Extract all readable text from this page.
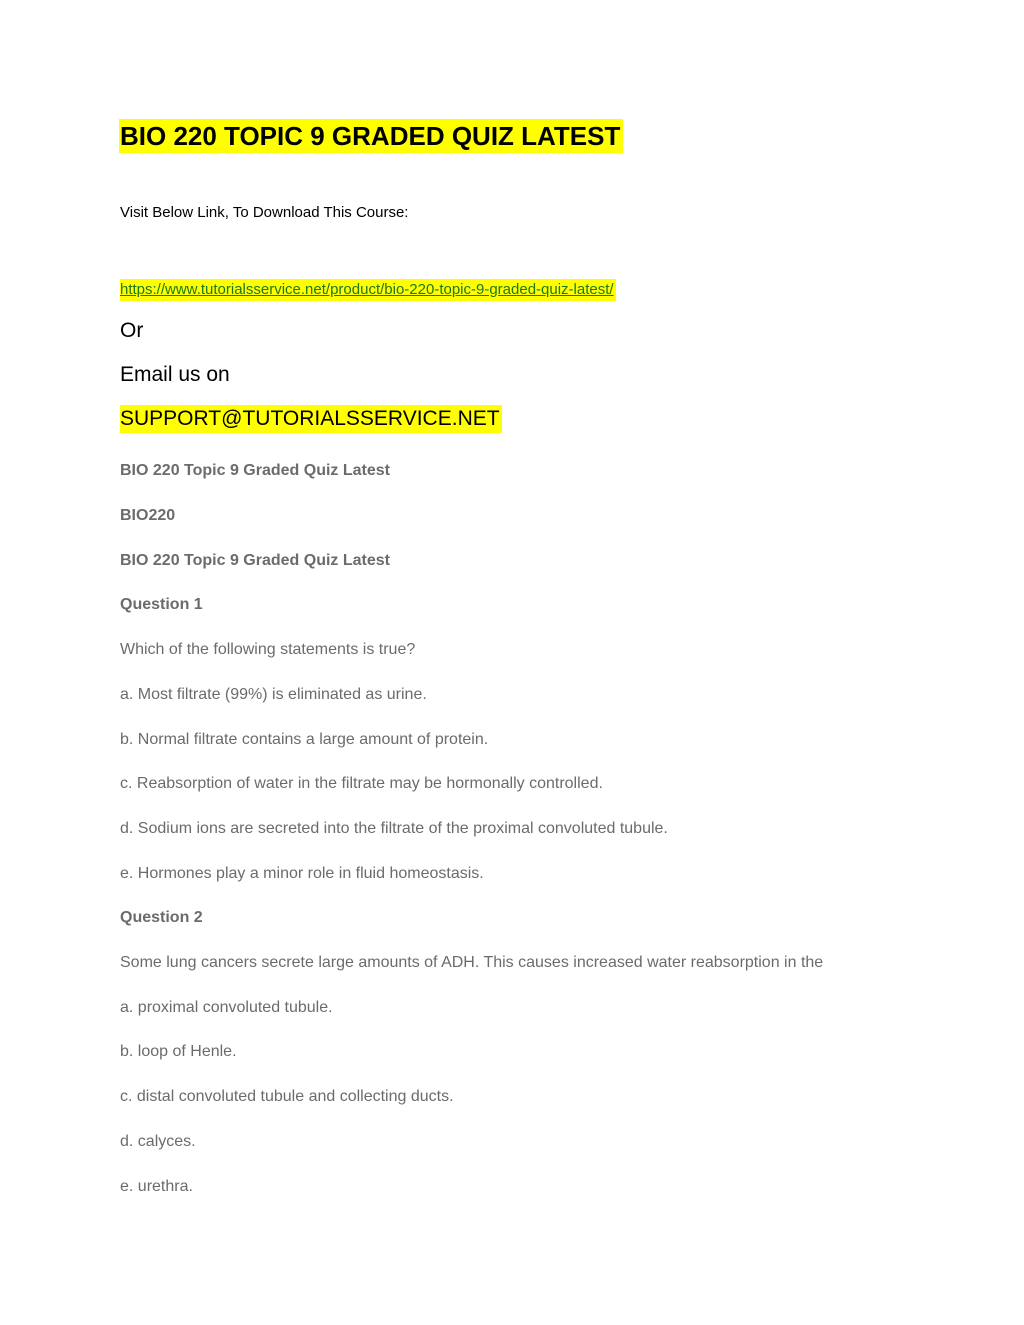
BIO 220 TOPIC 9 GRADED QUIZ LATEST
Visit Below Link, To Download This Course:
https://www.tutorialsservice.net/product/bio-220-topic-9-graded-quiz-latest/
Or
Email us on
SUPPORT@TUTORIALSSERVICE.NET
BIO 220 Topic 9 Graded Quiz Latest
BIO220
BIO 220 Topic 9 Graded Quiz Latest
Question 1
Which of the following statements is true?
a. Most filtrate (99%) is eliminated as urine.
b. Normal filtrate contains a large amount of protein.
c. Reabsorption of water in the filtrate may be hormonally controlled.
d. Sodium ions are secreted into the filtrate of the proximal convoluted tubule.
e. Hormones play a minor role in fluid homeostasis.
Question 2
Some lung cancers secrete large amounts of ADH. This causes increased water reabsorption in the
a. proximal convoluted tubule.
b. loop of Henle.
c. distal convoluted tubule and collecting ducts.
d. calyces.
e. urethra.
